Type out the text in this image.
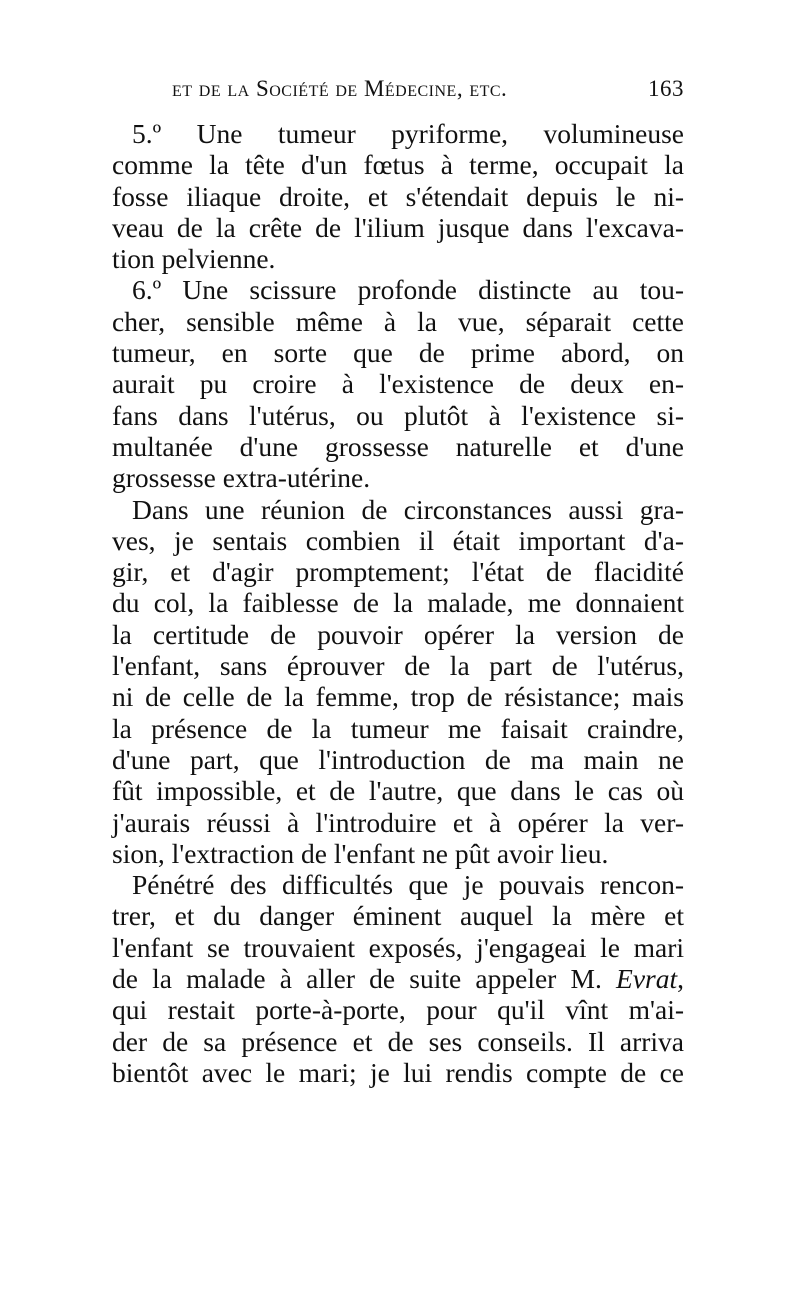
et de la Société de Médecine, etc.	163
5.º Une tumeur pyriforme, volumineuse
comme la tête d'un fœtus à terme, occupait la
fosse iliaque droite, et s'étendait depuis le ni-
veau de la crête de l'ilium jusque dans l'excava-
tion pelvienne.
6.º Une scissure profonde distincte au tou-
cher, sensible même à la vue, séparait cette
tumeur, en sorte que de prime abord, on
aurait pu croire à l'existence de deux en-
fans dans l'utérus, ou plutôt à l'existence si-
multanée d'une grossesse naturelle et d'une
grossesse extra-utérine.
Dans une réunion de circonstances aussi gra-
ves, je sentais combien il était important d'a-
gir, et d'agir promptement; l'état de flacidité
du col, la faiblesse de la malade, me donnaient
la certitude de pouvoir opérer la version de
l'enfant, sans éprouver de la part de l'utérus,
ni de celle de la femme, trop de résistance; mais
la présence de la tumeur me faisait craindre,
d'une part, que l'introduction de ma main ne
fût impossible, et de l'autre, que dans le cas où
j'aurais réussi à l'introduire et à opérer la ver-
sion, l'extraction de l'enfant ne pût avoir lieu.
Pénétré des difficultés que je pouvais rencon-
trer, et du danger éminent auquel la mère et
l'enfant se trouvaient exposés, j'engageai le mari
de la malade à aller de suite appeler M. Evrat,
qui restait porte-à-porte, pour qu'il vînt m'ai-
der de sa présence et de ses conseils. Il arriva
bientôt avec le mari; je lui rendis compte de ce
